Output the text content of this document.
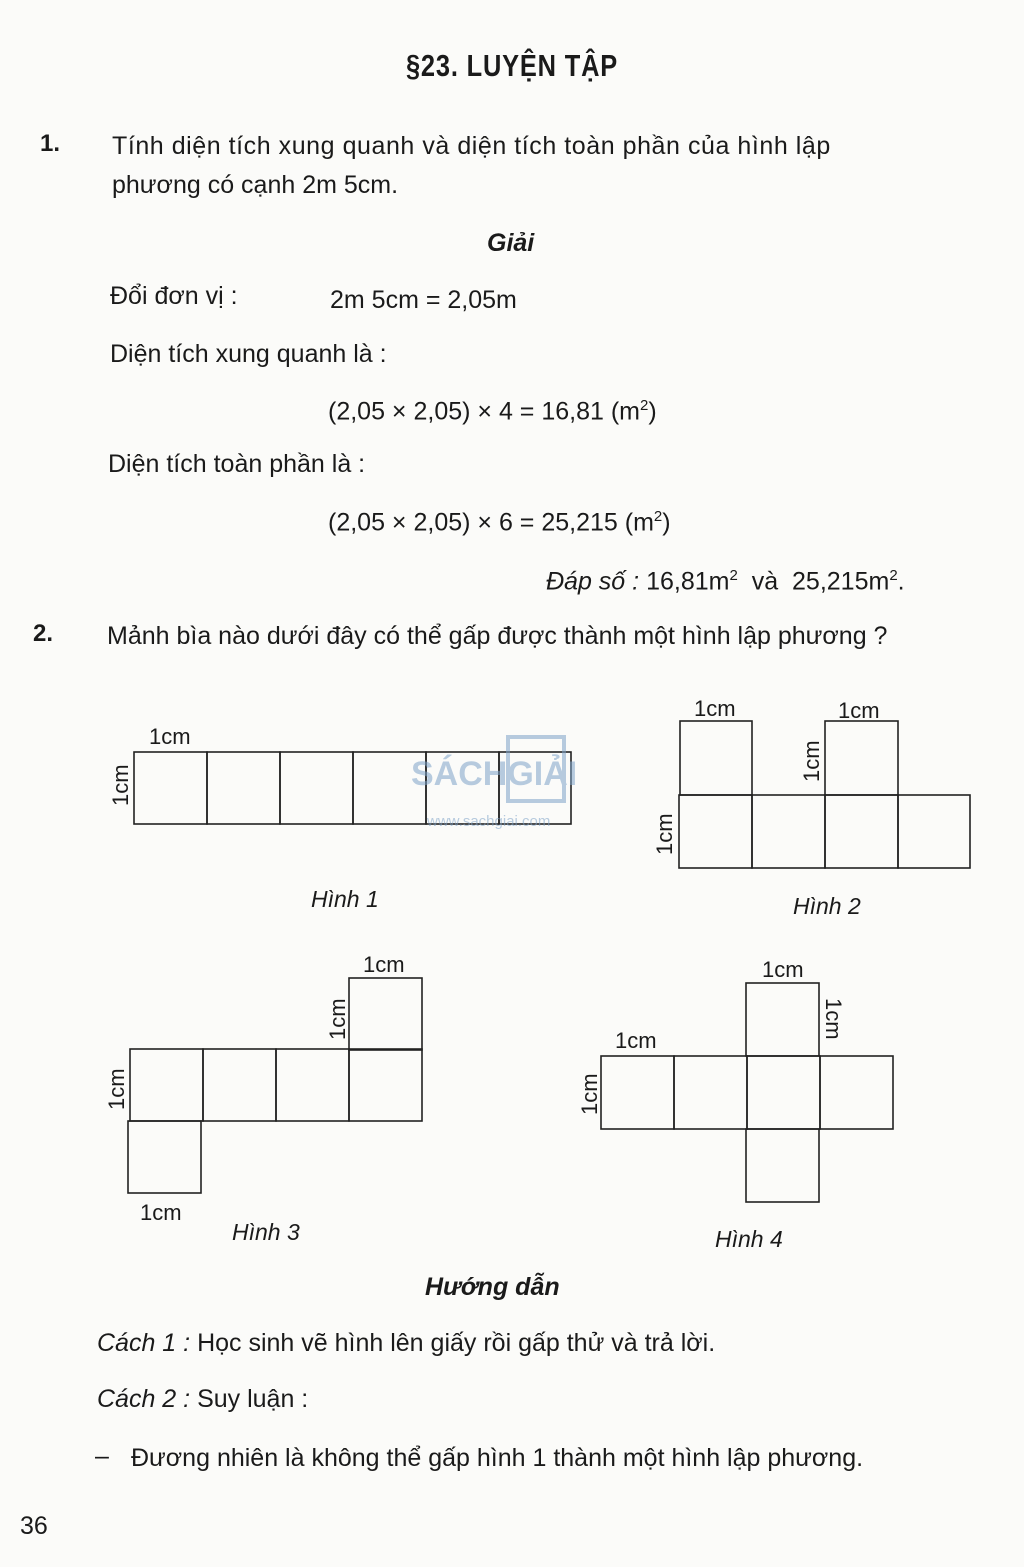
§23. LUYỆN TẬP
1. Tính diện tích xung quanh và diện tích toàn phần của hình lập
phương có cạnh 2m 5cm.
Giải
Đổi đơn vị :	2m 5cm = 2,05m
Diện tích xung quanh là :
(2,05 × 2,05) × 4 = 16,81 $(m^2)$
Diện tích toàn phần là :
(2,05 × 2,05) × 6 = 25,215 $(m^2)$
Đáp số : $16,81m^2$ và $25,215m^2$.
2. Mảnh bìa nào dưới đây có thể gấp được thành một hình lập phương ?
SÁCHGIẢI
www.sachgiai.com
1cm
1cm
1cm	1cm
1cm
1cm
1cm
1cm
1cm
1cm
1cm
1cm
1cm
1cm
Hình 1	Hình 2
Hình 3	Hình 4
Hướng dẫn
Cách 1 : Học sinh vẽ hình lên giấy rồi gấp thử và trả lời.
Cách 2 : Suy luận :
– Đương nhiên là không thể gấp hình 1 thành một hình lập phương.
36
